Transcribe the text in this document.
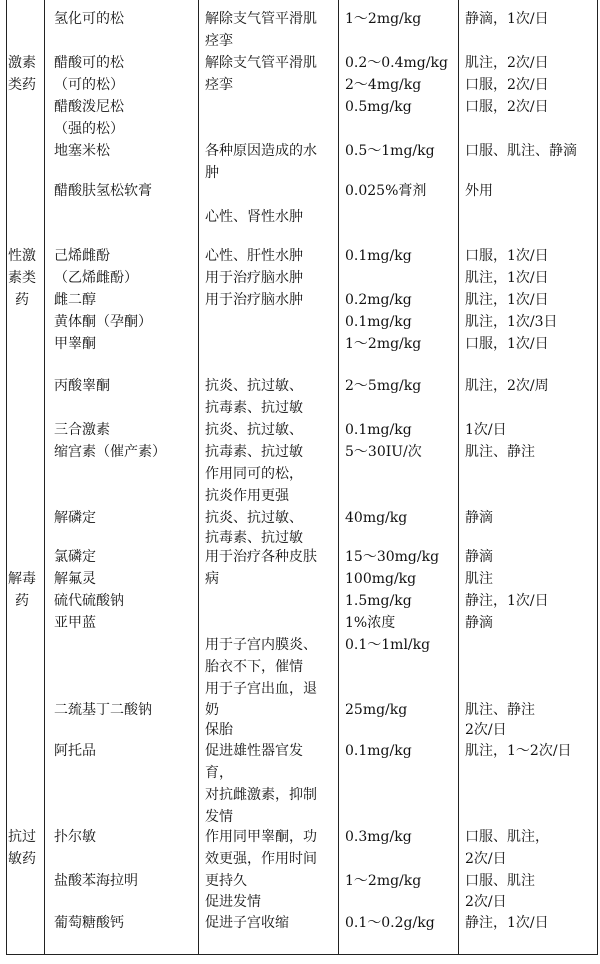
激素类药
性激素类药
解毒药
抗过敏药
氢化可的松
醋酸可的松
（可的松）
醋酸泼尼松
（强的松）
地塞米松
醋酸肤氢松软膏
己烯雌酚
（乙烯雌酚）
雌二醇
黄体酮（孕酮）
甲睾酮
丙酸睾酮
三合激素
缩宫素（催产素）
解磷定
氯磷定
解氟灵
硫代硫酸钠
亚甲蓝
二巯基丁二酸钠
阿托品
扑尔敏
盐酸苯海拉明
葡萄糖酸钙
解除支气管平滑肌
痉挛
解除支气管平滑肌
痉挛
各种原因造成的水
肿
心性、肾性水肿
心性、肝性水肿
用于治疗脑水肿
用于治疗脑水肿
抗炎、抗过敏、
抗毒素、抗过敏
抗炎、抗过敏、
抗毒素、抗过敏
作用同可的松，
抗炎作用更强
抗炎、抗过敏、
抗毒素、抗过敏
用于治疗各种皮肤
病
用于子宫内膜炎、
胎衣不下，催情
用于子宫出血，退
奶
保胎
促进雄性器官发
育，
对抗雌激素，抑制
发情
作用同甲睾酮，功
效更强，作用时间
更持久
促进发情
促进子宫收缩
1～2mg/kg
0.2～0.4mg/kg
2～4mg/kg
0.5mg/kg
0.5～1mg/kg
0.025%膏剂
0.1mg/kg
0.2mg/kg
0.1mg/kg
1～2mg/kg
2～5mg/kg
0.1mg/kg
5～30IU/次
40mg/kg
15～30mg/kg
100mg/kg
1.5mg/kg
1%浓度
0.1～1ml/kg
25mg/kg
0.1mg/kg
0.3mg/kg
1～2mg/kg
0.1～0.2g/kg
静滴，1次/日
肌注，2次/日
口服，2次/日
口服，2次/日
口服、肌注、静滴
外用
口服，1次/日
肌注，1次/日
肌注，1次/日
肌注，1次/3日
口服，1次/日
肌注，2次/周
1次/日
肌注、静注
静滴
静滴
肌注
静注，1次/日
静滴
肌注、静注
2次/日
肌注，1～2次/日
口服、肌注，
2次/日
口服、肌注
2次/日
静注，1次/日
